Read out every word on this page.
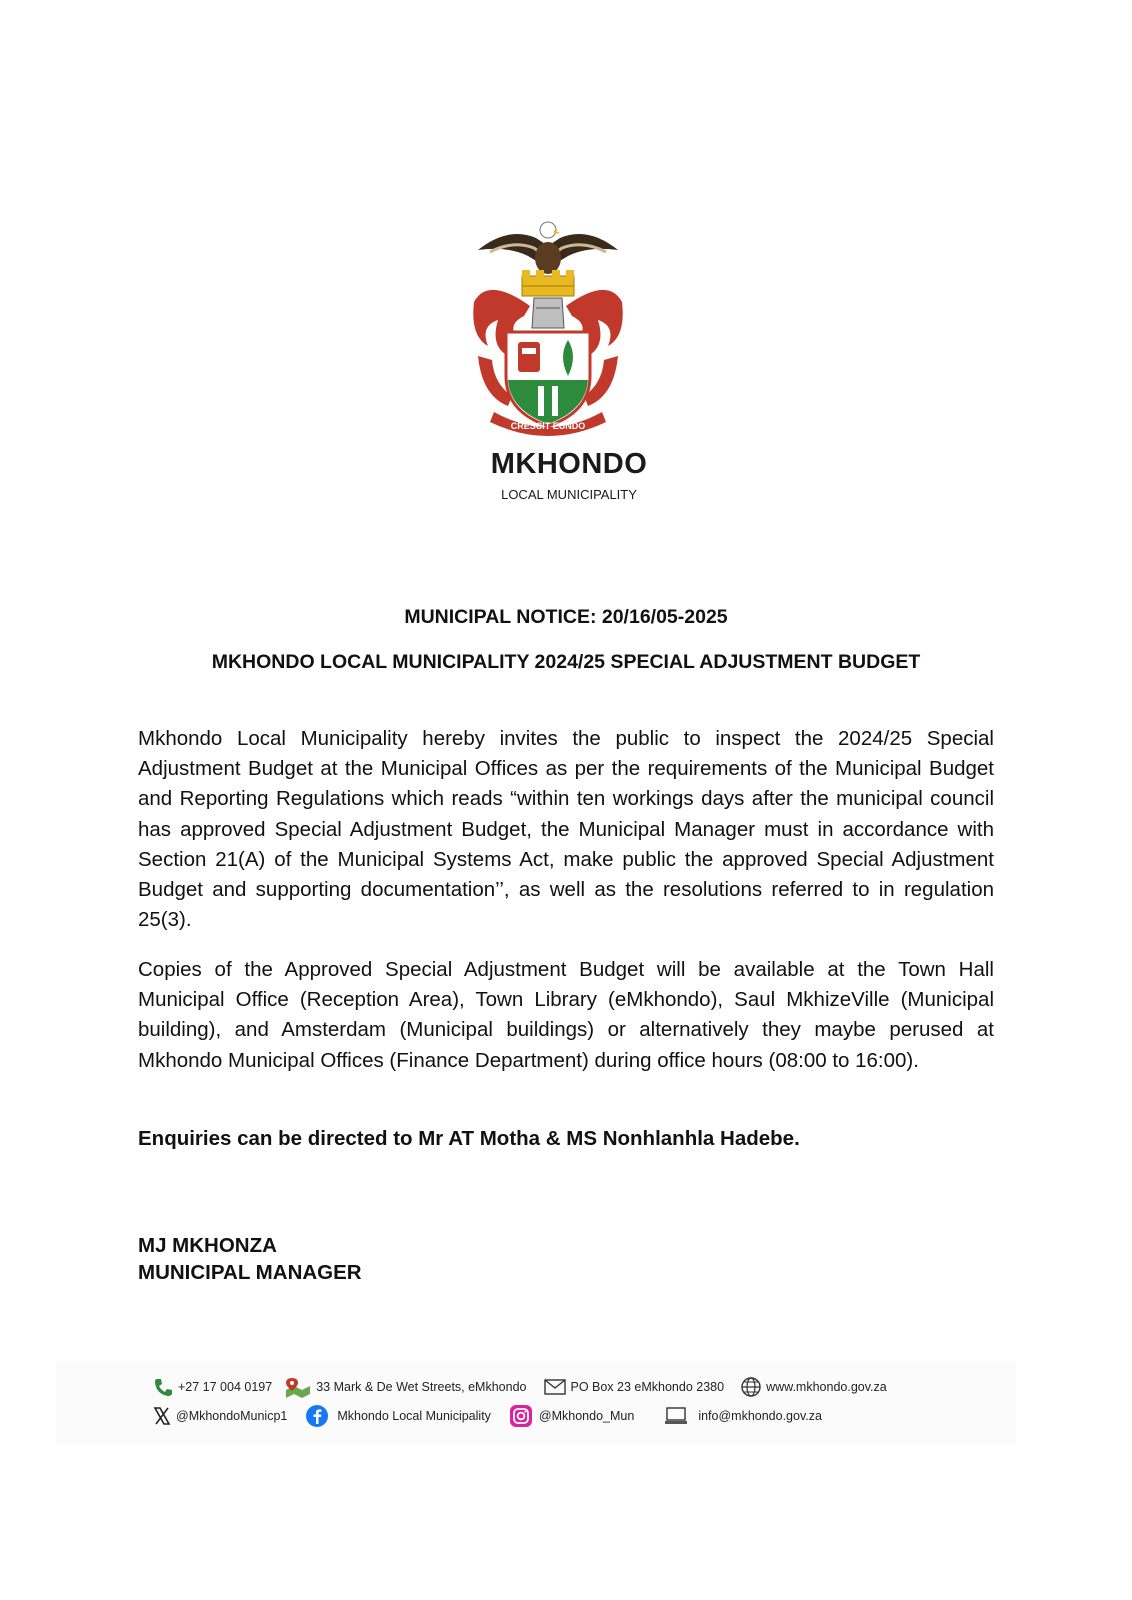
CRESCIT EUNDO
MKHONDO
LOCAL MUNICIPALITY
MUNICIPAL NOTICE: 20/16/05-2025
MKHONDO LOCAL MUNICIPALITY 2024/25 SPECIAL ADJUSTMENT BUDGET

Mkhondo Local Municipality hereby invites the public to inspect the 2024/25 Special Adjustment Budget at the Municipal Offices as per the requirements of the Municipal Budget and Reporting Regulations which reads “within ten workings days after the municipal council has approved Special Adjustment Budget, the Municipal Manager must in accordance with Section 21(A) of the Municipal Systems Act, make public the approved Special Adjustment Budget and supporting documentation’’, as well as the resolutions referred to in regulation 25(3).

Copies of the Approved Special Adjustment Budget will be available at the Town Hall Municipal Office (Reception Area), Town Library (eMkhondo), Saul MkhizeVille (Municipal building), and Amsterdam (Municipal buildings) or alternatively they maybe perused at Mkhondo Municipal Offices (Finance Department) during office hours (08:00 to 16:00).

Enquiries can be directed to Mr AT Motha & MS Nonhlanhla Hadebe.

MJ MKHONZA
MUNICIPAL MANAGER
+27 17 004 0197	33 Mark & De Wet Streets, eMkhondo	PO Box 23 eMkhondo 2380	www.mkhondo.gov.za
@MkhondoMunicp1	Mkhondo Local Municipality	@Mkhondo_Mun	info@mkhondo.gov.za
